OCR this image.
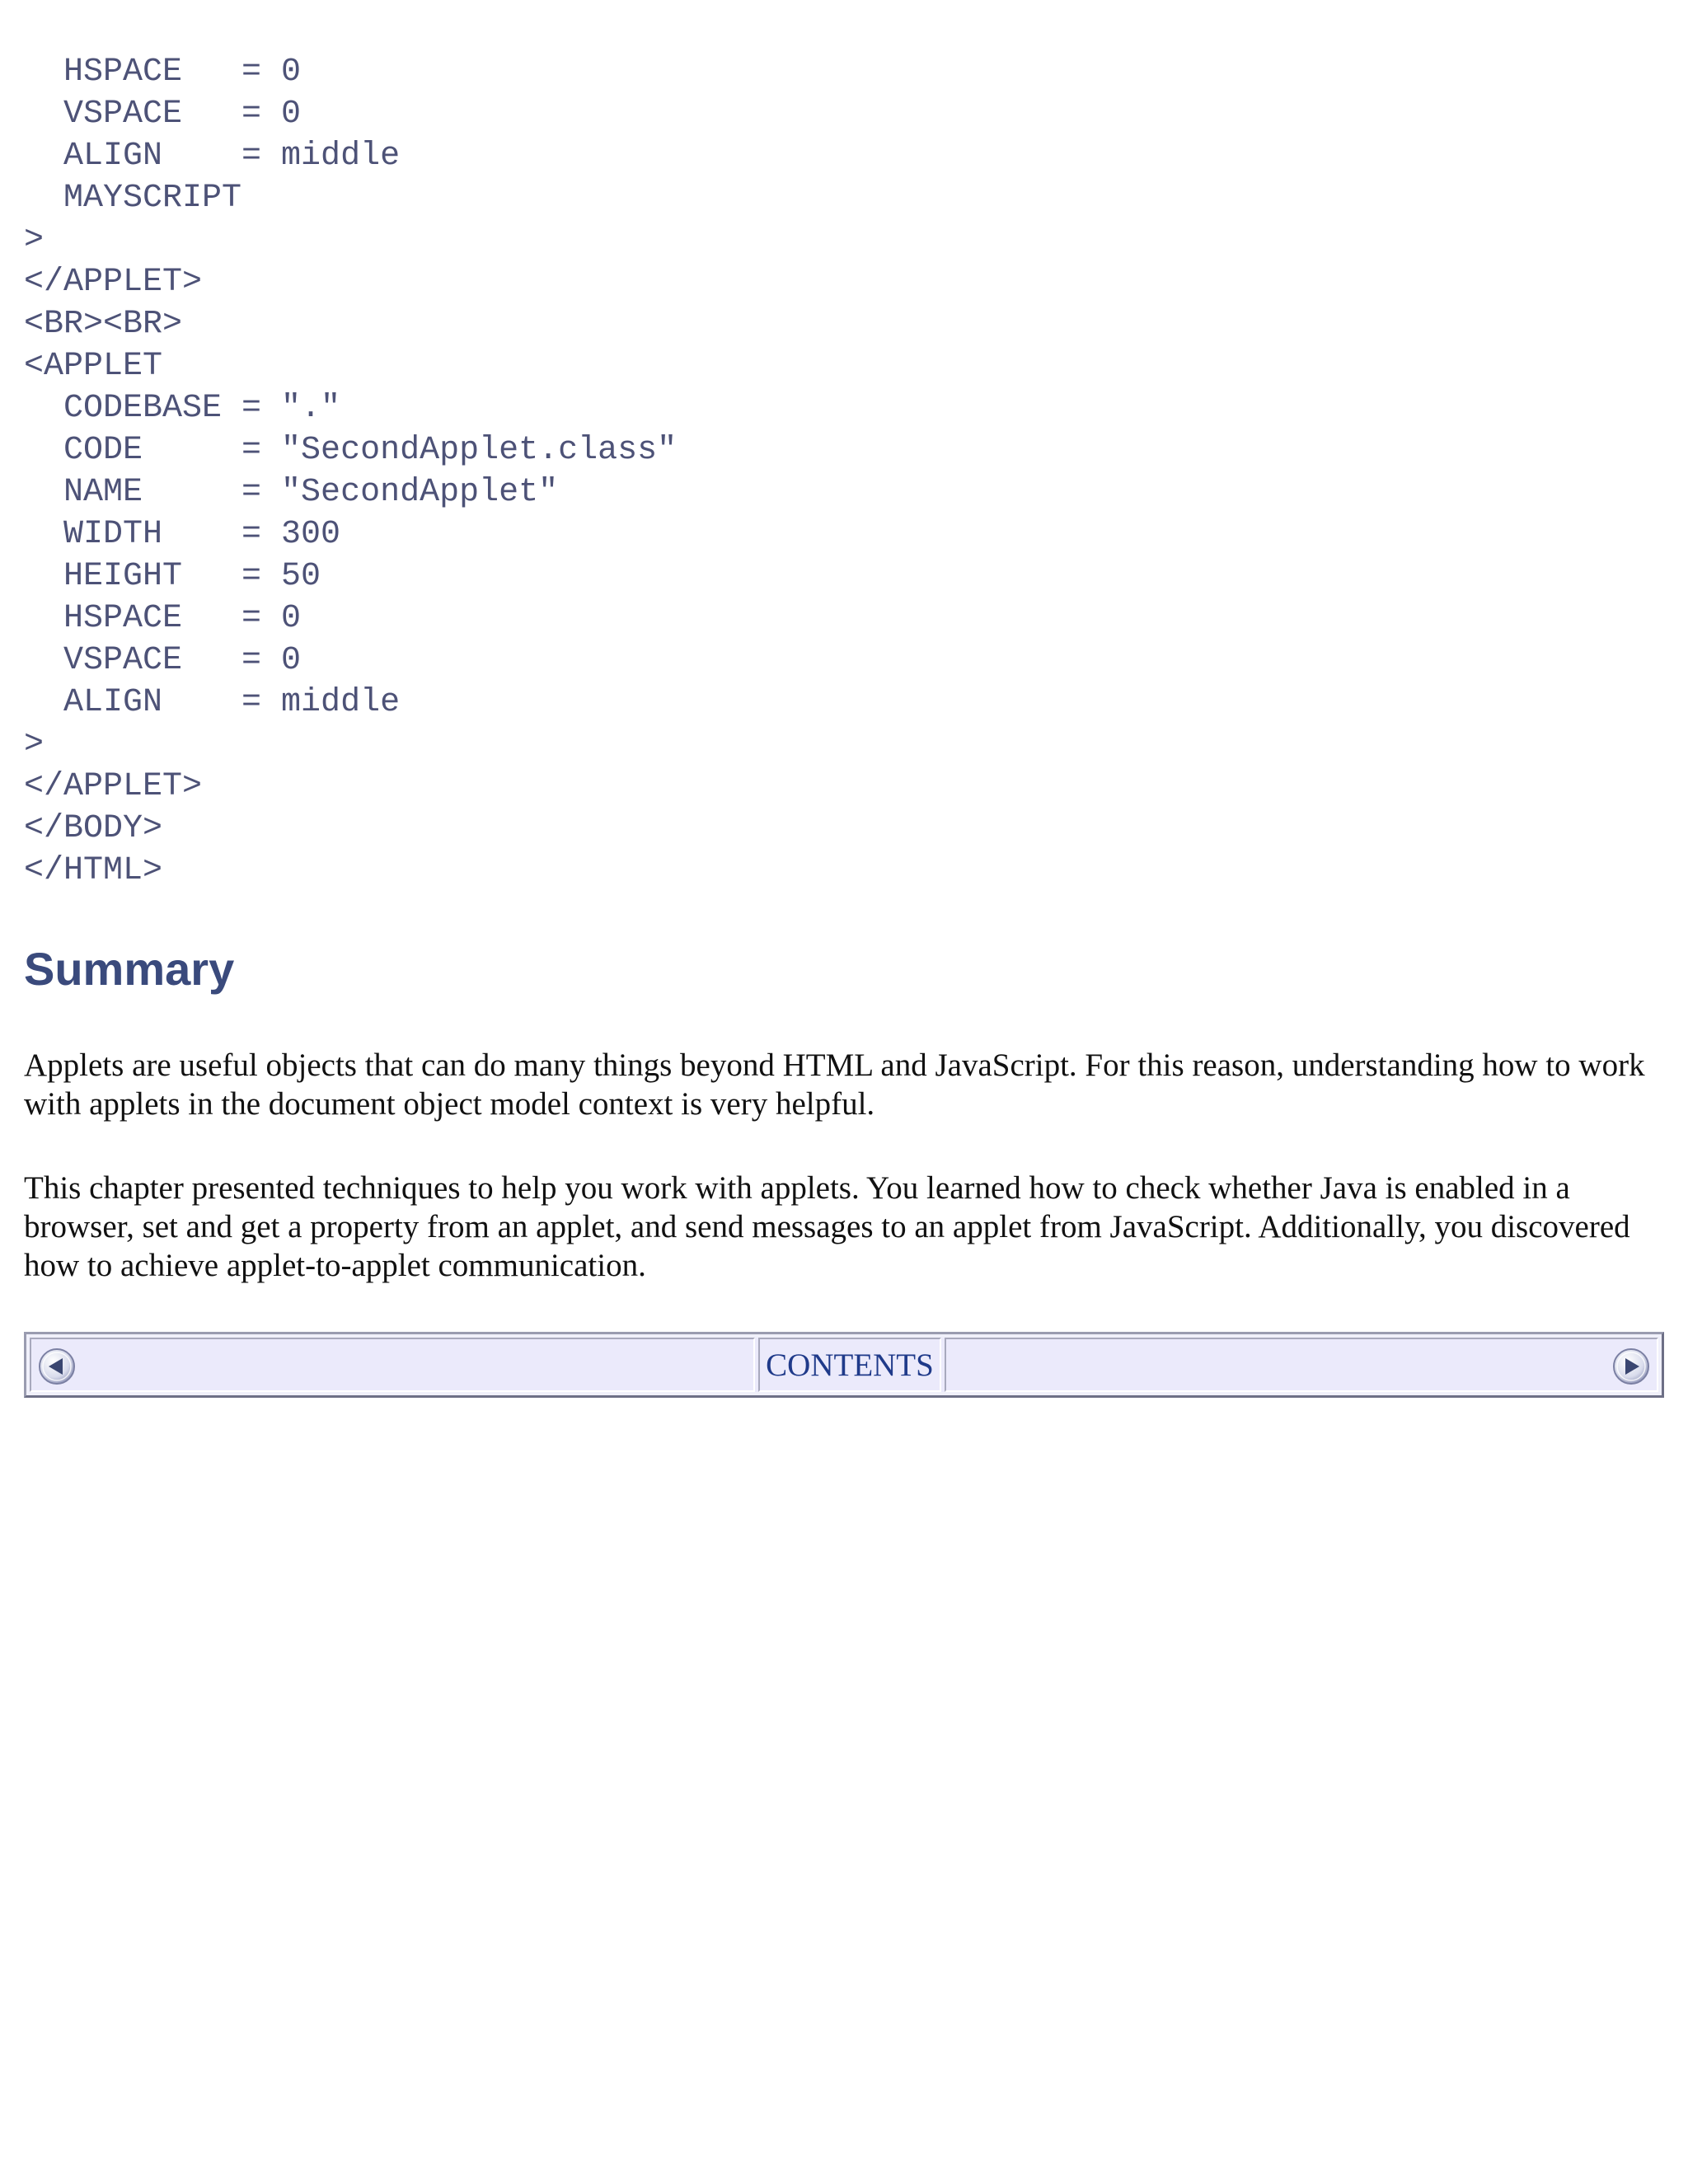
HSPACE   = 0
VSPACE   = 0
ALIGN    = middle
MAYSCRIPT
>
</APPLET>
<BR><BR>
<APPLET
CODEBASE = "."
CODE     = "SecondApplet.class"
NAME     = "SecondApplet"
WIDTH    = 300
HEIGHT   = 50
HSPACE   = 0
VSPACE   = 0
ALIGN    = middle
>
</APPLET>
</BODY>
</HTML>
Summary

Applets are useful objects that can do many things beyond HTML and JavaScript. For this reason, understanding how to work with applets in the document object model context is very helpful.

This chapter presented techniques to help you work with applets. You learned how to check whether Java is enabled in a browser, set and get a property from an applet, and send messages to an applet from JavaScript. Additionally, you discovered how to achieve applet-to-applet communication.

CONTENTS
